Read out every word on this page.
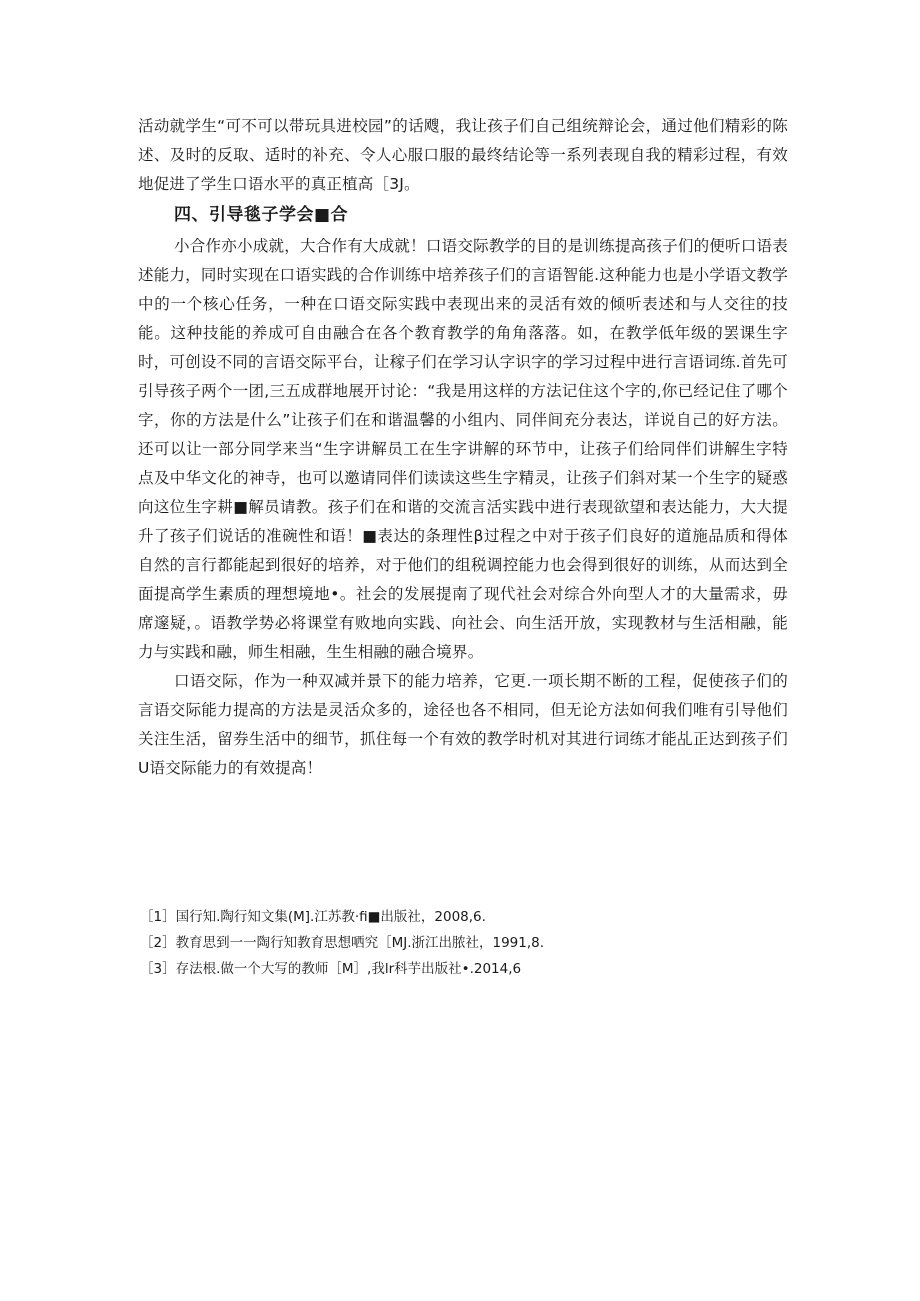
活动就学生“可不可以带玩具进校园”的话飕，我让孩子们自己组统辩论会，通过他们精彩的陈述、及时的反取、适时的补充、令人心服口服的最终结论等一系列表现自我的精彩过程，有效地促进了学生口语水平的真正植高［3J。

四、引导毯子学会■合

小合作亦小成就，大合作有大成就！口语交际教学的目的是训练提高孩子们的便听口语表述能力，同时实现在口语实践的合作训练中培养孩子们的言语智能.这种能力也是小学语文教学中的一个核心任务，一种在口语交际实践中表现出来的灵活有效的倾听表述和与人交往的技能。这种技能的养成可自由融合在各个教育教学的角角落落。如，在教学低年级的罢课生字时，可创设不同的言语交际平台，让稼子们在学习认字识字的学习过程中进行言语词练.首先可引导孩子两个一团,三五成群地展开讨论：“我是用这样的方法记住这个字的,你已经记住了哪个字，你的方法是什么”让孩子们在和谐温馨的小组内、同伴间充分表达，详说自己的好方法。还可以让一部分同学来当“生字讲解员工在生字讲解的环节中，让孩子们给同伴们讲解生字特点及中华文化的神寺，也可以邀请同伴们读读这些生字精灵，让孩子们斜对某一个生字的疑惑向这位生字耕■解员请教。孩子们在和谐的交流言活实践中进行表现欲望和表达能力，大大提升了孩子们说话的准碗性和语！■表达的条理性β过程之中对于孩子们良好的道施品质和得体自然的言行都能起到很好的培养，对于他们的组税调控能力也会得到很好的训练，从而达到全面提高学生素质的理想境地•。社会的发展提南了现代社会对综合外向型人才的大量需求，毋席邃疑，。语教学势必将课堂有败地向实践、向社会、向生活开放，实现教材与生活相融，能力与实践和融，师生相融，生生相融的融合境界。

口语交际，作为一种双减并景下的能力培养，它更.一项长期不断的工程，促使孩子们的言语交际能力提高的方法是灵活众多的，途径也各不相同，但无论方法如何我们唯有引导他们关注生活，留券生活中的细节，抓住每一个有效的教学时机对其进行词练才能乩正达到孩子们U语交际能力的有效提高！

［1］国行知.陶行知文集(M].江苏教·fi■出版社，2008,6.

［2］教育思到一一陶行知教育思想哂究［MJ.浙江出脓社，1991,8.

［3］存法根.做一个大写的教师［M］,我lr科芋出版社•.2014,6
